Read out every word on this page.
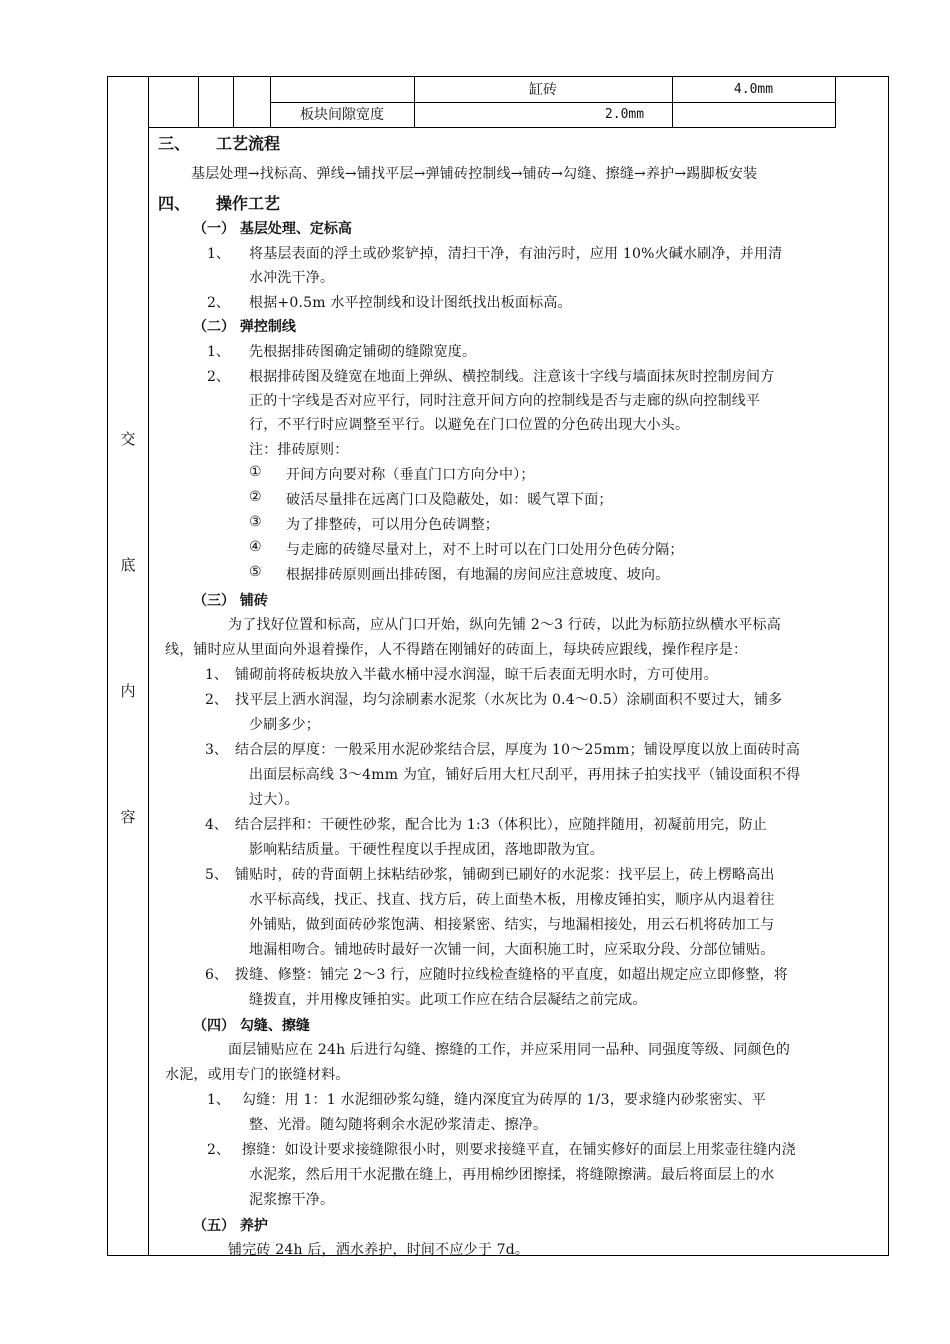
交
底
内
容
缸砖	4.0mm
板块间隙宽度	2.0mm
三、 工艺流程
基层处理→找标高、弹线→铺找平层→弹铺砖控制线→铺砖→勾缝、擦缝→养护→踢脚板安装
四、 操作工艺
（一） 基层处理、定标高
1、 将基层表面的浮土或砂浆铲掉，清扫干净，有油污时，应用 10%火碱水刷净，并用清
水冲洗干净。
2、 根据+0.5m 水平控制线和设计图纸找出板面标高。
（二） 弹控制线
1、 先根据排砖图确定铺砌的缝隙宽度。
2、 根据排砖图及缝宽在地面上弹纵、横控制线。注意该十字线与墙面抹灰时控制房间方
正的十字线是否对应平行，同时注意开间方向的控制线是否与走廊的纵向控制线平
行，不平行时应调整至平行。以避免在门口位置的分色砖出现大小头。
注：排砖原则：
① 开间方向要对称（垂直门口方向分中）；
② 破活尽量排在远离门口及隐蔽处，如：暖气罩下面；
③ 为了排整砖，可以用分色砖调整；
④ 与走廊的砖缝尽量对上，对不上时可以在门口处用分色砖分隔；
⑤ 根据排砖原则画出排砖图，有地漏的房间应注意坡度、坡向。
（三） 铺砖
为了找好位置和标高，应从门口开始，纵向先铺 2～3 行砖，以此为标筋拉纵横水平标高
线，铺时应从里面向外退着操作，人不得踏在刚铺好的砖面上，每块砖应跟线，操作程序是：
1、 铺砌前将砖板块放入半截水桶中浸水润湿，晾干后表面无明水时，方可使用。
2、 找平层上洒水润湿，均匀涂刷素水泥浆（水灰比为 0.4～0.5）涂刷面积不要过大，铺多
少刷多少；
3、 结合层的厚度：一般采用水泥砂浆结合层，厚度为 10～25mm；铺设厚度以放上面砖时高
出面层标高线 3～4mm 为宜，铺好后用大杠尺刮平，再用抹子拍实找平（铺设面积不得
过大）。
4、 结合层拌和：干硬性砂浆，配合比为 1:3（体积比），应随拌随用，初凝前用完，防止
影响粘结质量。干硬性程度以手捏成团，落地即散为宜。
5、 铺贴时，砖的背面朝上抹粘结砂浆，铺砌到已刷好的水泥浆：找平层上，砖上楞略高出
水平标高线，找正、找直、找方后，砖上面垫木板，用橡皮锤拍实，顺序从内退着往
外铺贴，做到面砖砂浆饱满、相接紧密、结实，与地漏相接处，用云石机将砖加工与
地漏相吻合。铺地砖时最好一次铺一间，大面积施工时，应采取分段、分部位铺贴。
6、 拨缝、修整：铺完 2～3 行，应随时拉线检查缝格的平直度，如超出规定应立即修整，将
缝拨直，并用橡皮锤拍实。此项工作应在结合层凝结之前完成。
（四） 勾缝、擦缝
面层铺贴应在 24h 后进行勾缝、擦缝的工作，并应采用同一品种、同强度等级、同颜色的
水泥，或用专门的嵌缝材料。
1、 勾缝：用 1：1 水泥细砂浆勾缝，缝内深度宜为砖厚的 1/3，要求缝内砂浆密实、平
整、光滑。随勾随将剩余水泥砂浆清走、擦净。
2、 擦缝：如设计要求接缝隙很小时，则要求接缝平直，在铺实修好的面层上用浆壶往缝内浇
水泥浆，然后用干水泥撒在缝上，再用棉纱团擦揉，将缝隙擦满。最后将面层上的水
泥浆擦干净。
（五） 养护
铺完砖 24h 后，洒水养护，时间不应少于 7d。
